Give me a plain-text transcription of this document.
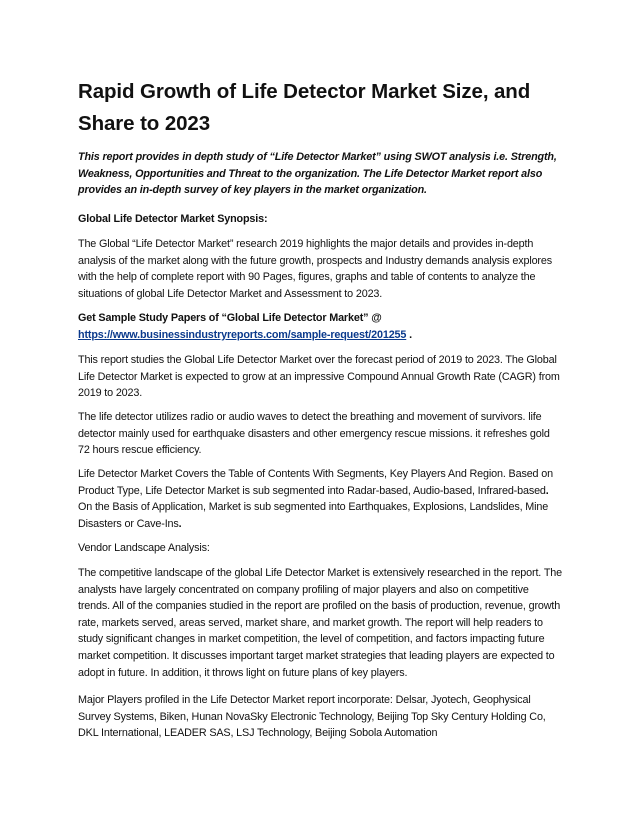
Rapid Growth of Life Detector Market Size, and Share to 2023

This report provides in depth study of “Life Detector Market” using SWOT analysis i.e. Strength, Weakness, Opportunities and Threat to the organization. The Life Detector Market report also provides an in-depth survey of key players in the market organization.

Global Life Detector Market Synopsis:

The Global “Life Detector Market” research 2019 highlights the major details and provides in-depth analysis of the market along with the future growth, prospects and Industry demands analysis explores with the help of complete report with 90 Pages, figures, graphs and table of contents to analyze the situations of global Life Detector Market and Assessment to 2023.

Get Sample Study Papers of “Global Life Detector Market” @
https://www.businessindustryreports.com/sample-request/201255 .

This report studies the Global Life Detector Market over the forecast period of 2019 to 2023. The Global Life Detector Market is expected to grow at an impressive Compound Annual Growth Rate (CAGR) from 2019 to 2023.

The life detector utilizes radio or audio waves to detect the breathing and movement of survivors. life detector mainly used for earthquake disasters and other emergency rescue missions. it refreshes gold 72 hours rescue efficiency.

Life Detector Market Covers the Table of Contents With Segments, Key Players And Region. Based on Product Type, Life Detector Market is sub segmented into Radar-based, Audio-based, Infrared-based. On the Basis of Application, Market is sub segmented into Earthquakes, Explosions, Landslides, Mine Disasters or Cave-Ins.

Vendor Landscape Analysis:

The competitive landscape of the global Life Detector Market is extensively researched in the report. The analysts have largely concentrated on company profiling of major players and also on competitive trends. All of the companies studied in the report are profiled on the basis of production, revenue, growth rate, markets served, areas served, market share, and market growth. The report will help readers to study significant changes in market competition, the level of competition, and factors impacting future market competition. It discusses important target market strategies that leading players are expected to adopt in future. In addition, it throws light on future plans of key players.

Major Players profiled in the Life Detector Market report incorporate: Delsar, Jyotech, Geophysical Survey Systems, Biken, Hunan NovaSky Electronic Technology, Beijing Top Sky Century Holding Co, DKL International, LEADER SAS, LSJ Technology, Beijing Sobola Automation
